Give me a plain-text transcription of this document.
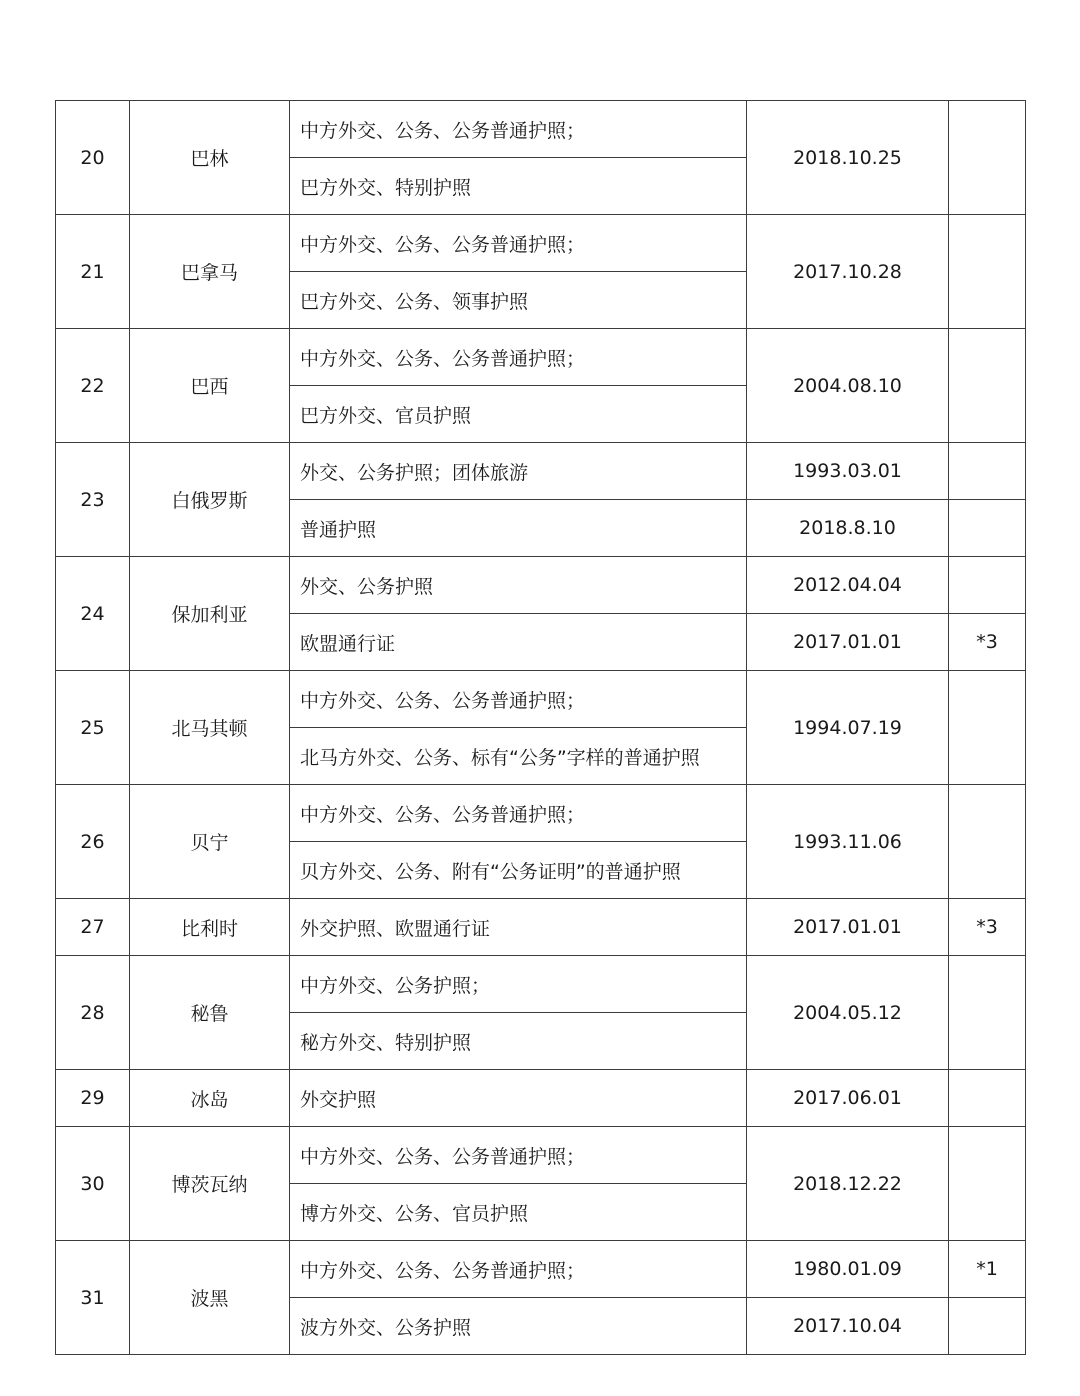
20	巴林	中方外交、公务、公务普通护照；	2018.10.25	
		巴方外交、特别护照		
21	巴拿马	中方外交、公务、公务普通护照；	2017.10.28	
		巴方外交、公务、领事护照		
22	巴西	中方外交、公务、公务普通护照；	2004.08.10	
		巴方外交、官员护照		
23	白俄罗斯	外交、公务护照；团体旅游	1993.03.01	
		普通护照	2018.8.10	
24	保加利亚	外交、公务护照	2012.04.04	
		欧盟通行证	2017.01.01	*3
25	北马其顿	中方外交、公务、公务普通护照；	1994.07.19	
		北马方外交、公务、标有“公务”字样的普通护照		
26	贝宁	中方外交、公务、公务普通护照；	1993.11.06	
		贝方外交、公务、附有“公务证明”的普通护照		
27	比利时	外交护照、欧盟通行证	2017.01.01	*3
28	秘鲁	中方外交、公务护照；	2004.05.12	
		秘方外交、特别护照		
29	冰岛	外交护照	2017.06.01	
30	博茨瓦纳	中方外交、公务、公务普通护照；	2018.12.22	
		博方外交、公务、官员护照		
31	波黑	中方外交、公务、公务普通护照；	1980.01.09	*1
		波方外交、公务护照	2017.10.04	
